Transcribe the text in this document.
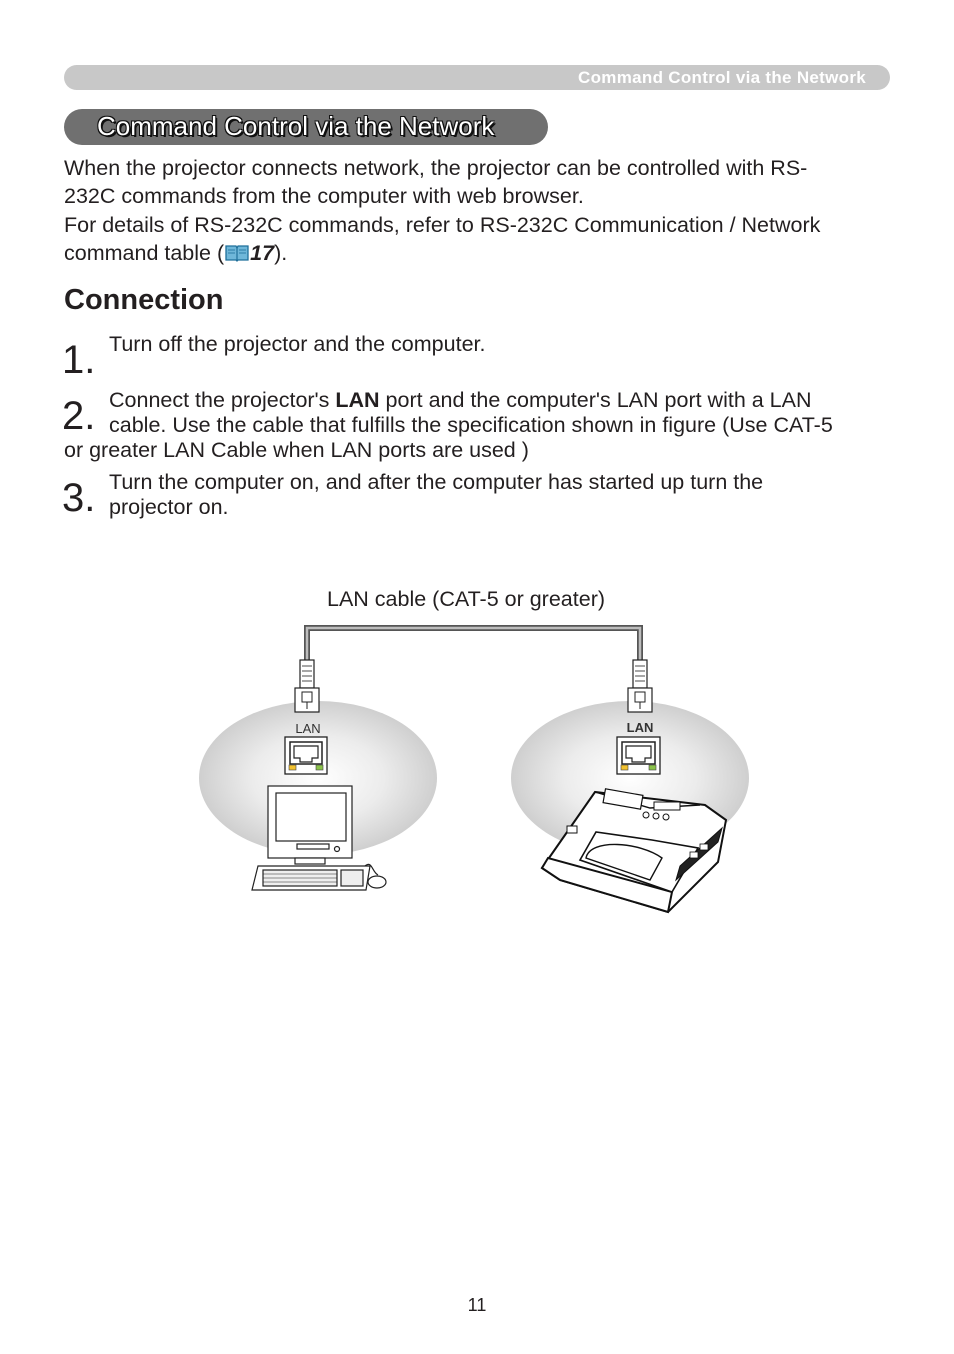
Command Control via the Network
Command Control via the Network

When the projector connects network, the projector can be controlled with RS-
232C commands from the computer with web browser.

For details of RS-232C commands, refer to RS-232C Communication / Network
command table ( 17).

Connection
1. Turn off the projector and the computer.
2. Connect the projector's LAN port and the computer's LAN port with a LAN
cable. Use the cable that fulfills the specification shown in figure (Use CAT-5
or greater LAN Cable when LAN ports are used )
3. Turn the computer on, and after the computer has started up turn the
projector on.
LAN cable (CAT-5 or greater)
LAN	LAN
11
